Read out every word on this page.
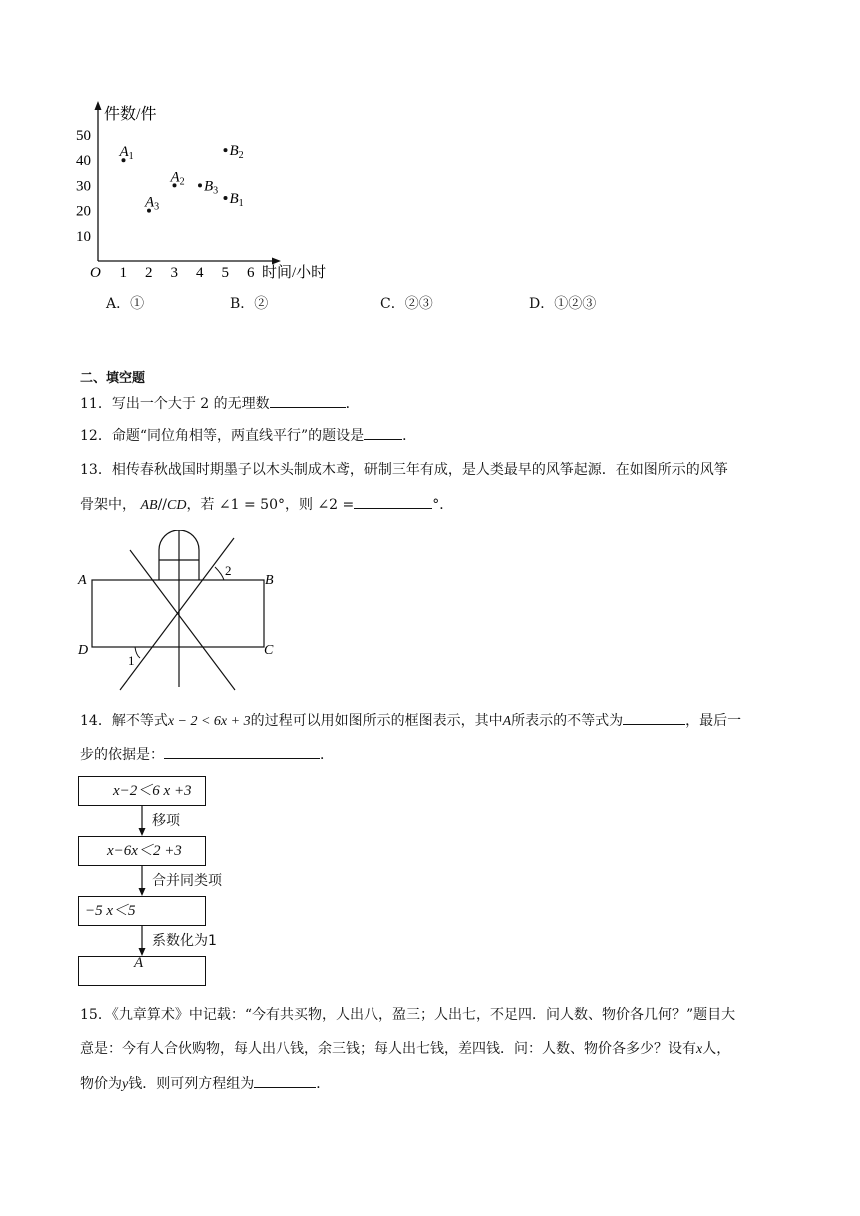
件数/件
时间/小时
O 1 2 3 4 5 6
10
20
30
40
50
$A_1$
$A_2$
$A_3$
$B_1$
$B_2$
$B_3$
A．①	B．②	C．②③	D．①②③
二、填空题
11．写出一个大于 2 的无理数	．
12．命题“同位角相等，两直线平行”的题设是	．
13．相传春秋战国时期墨子以木头制成木鸢，研制三年有成，是人类最早的风筝起源．在如图所示的风筝
骨架中， AB//CD，若 ∠1 = 50°，则 ∠2 =	°．
A	B
C
D
1
2
14．解不等式x − 2 < 6x + 3的过程可以用如图所示的框图表示，其中A所表示的不等式为	，最后一
步的依据是：	．
x−2＜6 x +3
x−6x＜2 +3
−5 x＜5
A
移项
合并同类项
系数化为1
15．《九章算术》中记载：“今有共买物，人出八，盈三；人出七，不足四．问人数、物价各几何？”题目大
意是：今有人合伙购物，每人出八钱，余三钱；每人出七钱，差四钱．问：人数、物价各多少？设有x人，
物价为y钱．则可列方程组为	．
